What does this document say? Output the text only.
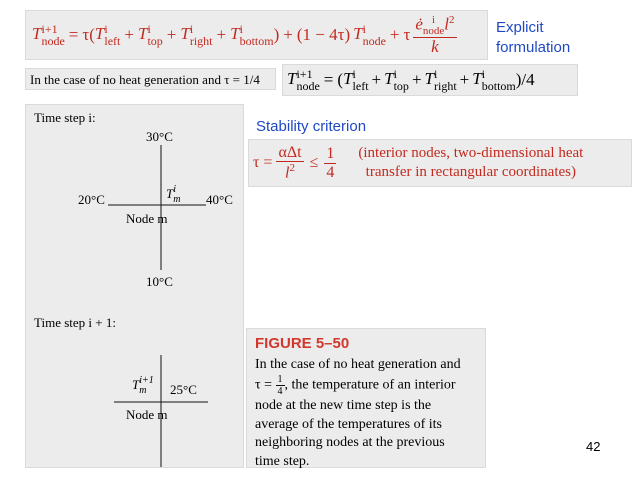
T i+1
node = τ ( T i
left + T i
top + T i
right + T i
bottom ) + (1 − 4τ) T i
node + τ ė i
node $l^2$
k	Explicit
formulation
In the case of no heat generation and τ = 1/4	T i+1
node = ( T i
left + T i
top + T i
right + T i
bottom )/4
Time step i:
30°C
20°C	40°C
T i
m
Node m
10°C
Time step i + 1:
T i+1
m	25°C
Node m
Stability criterion
$\tau = \frac{\text{αΔt}}{l^2} \le \frac{1}{4}$ (interior nodes, two-dimensional heat
transfer in rectangular coordinates)
FIGURE 5–50
In the case of no heat generation and
$\tau = \frac{1}{4}$ , the temperature of an interior
node at the new time step is the
average of the temperatures of its
neighboring nodes at the previous
time step.
42
